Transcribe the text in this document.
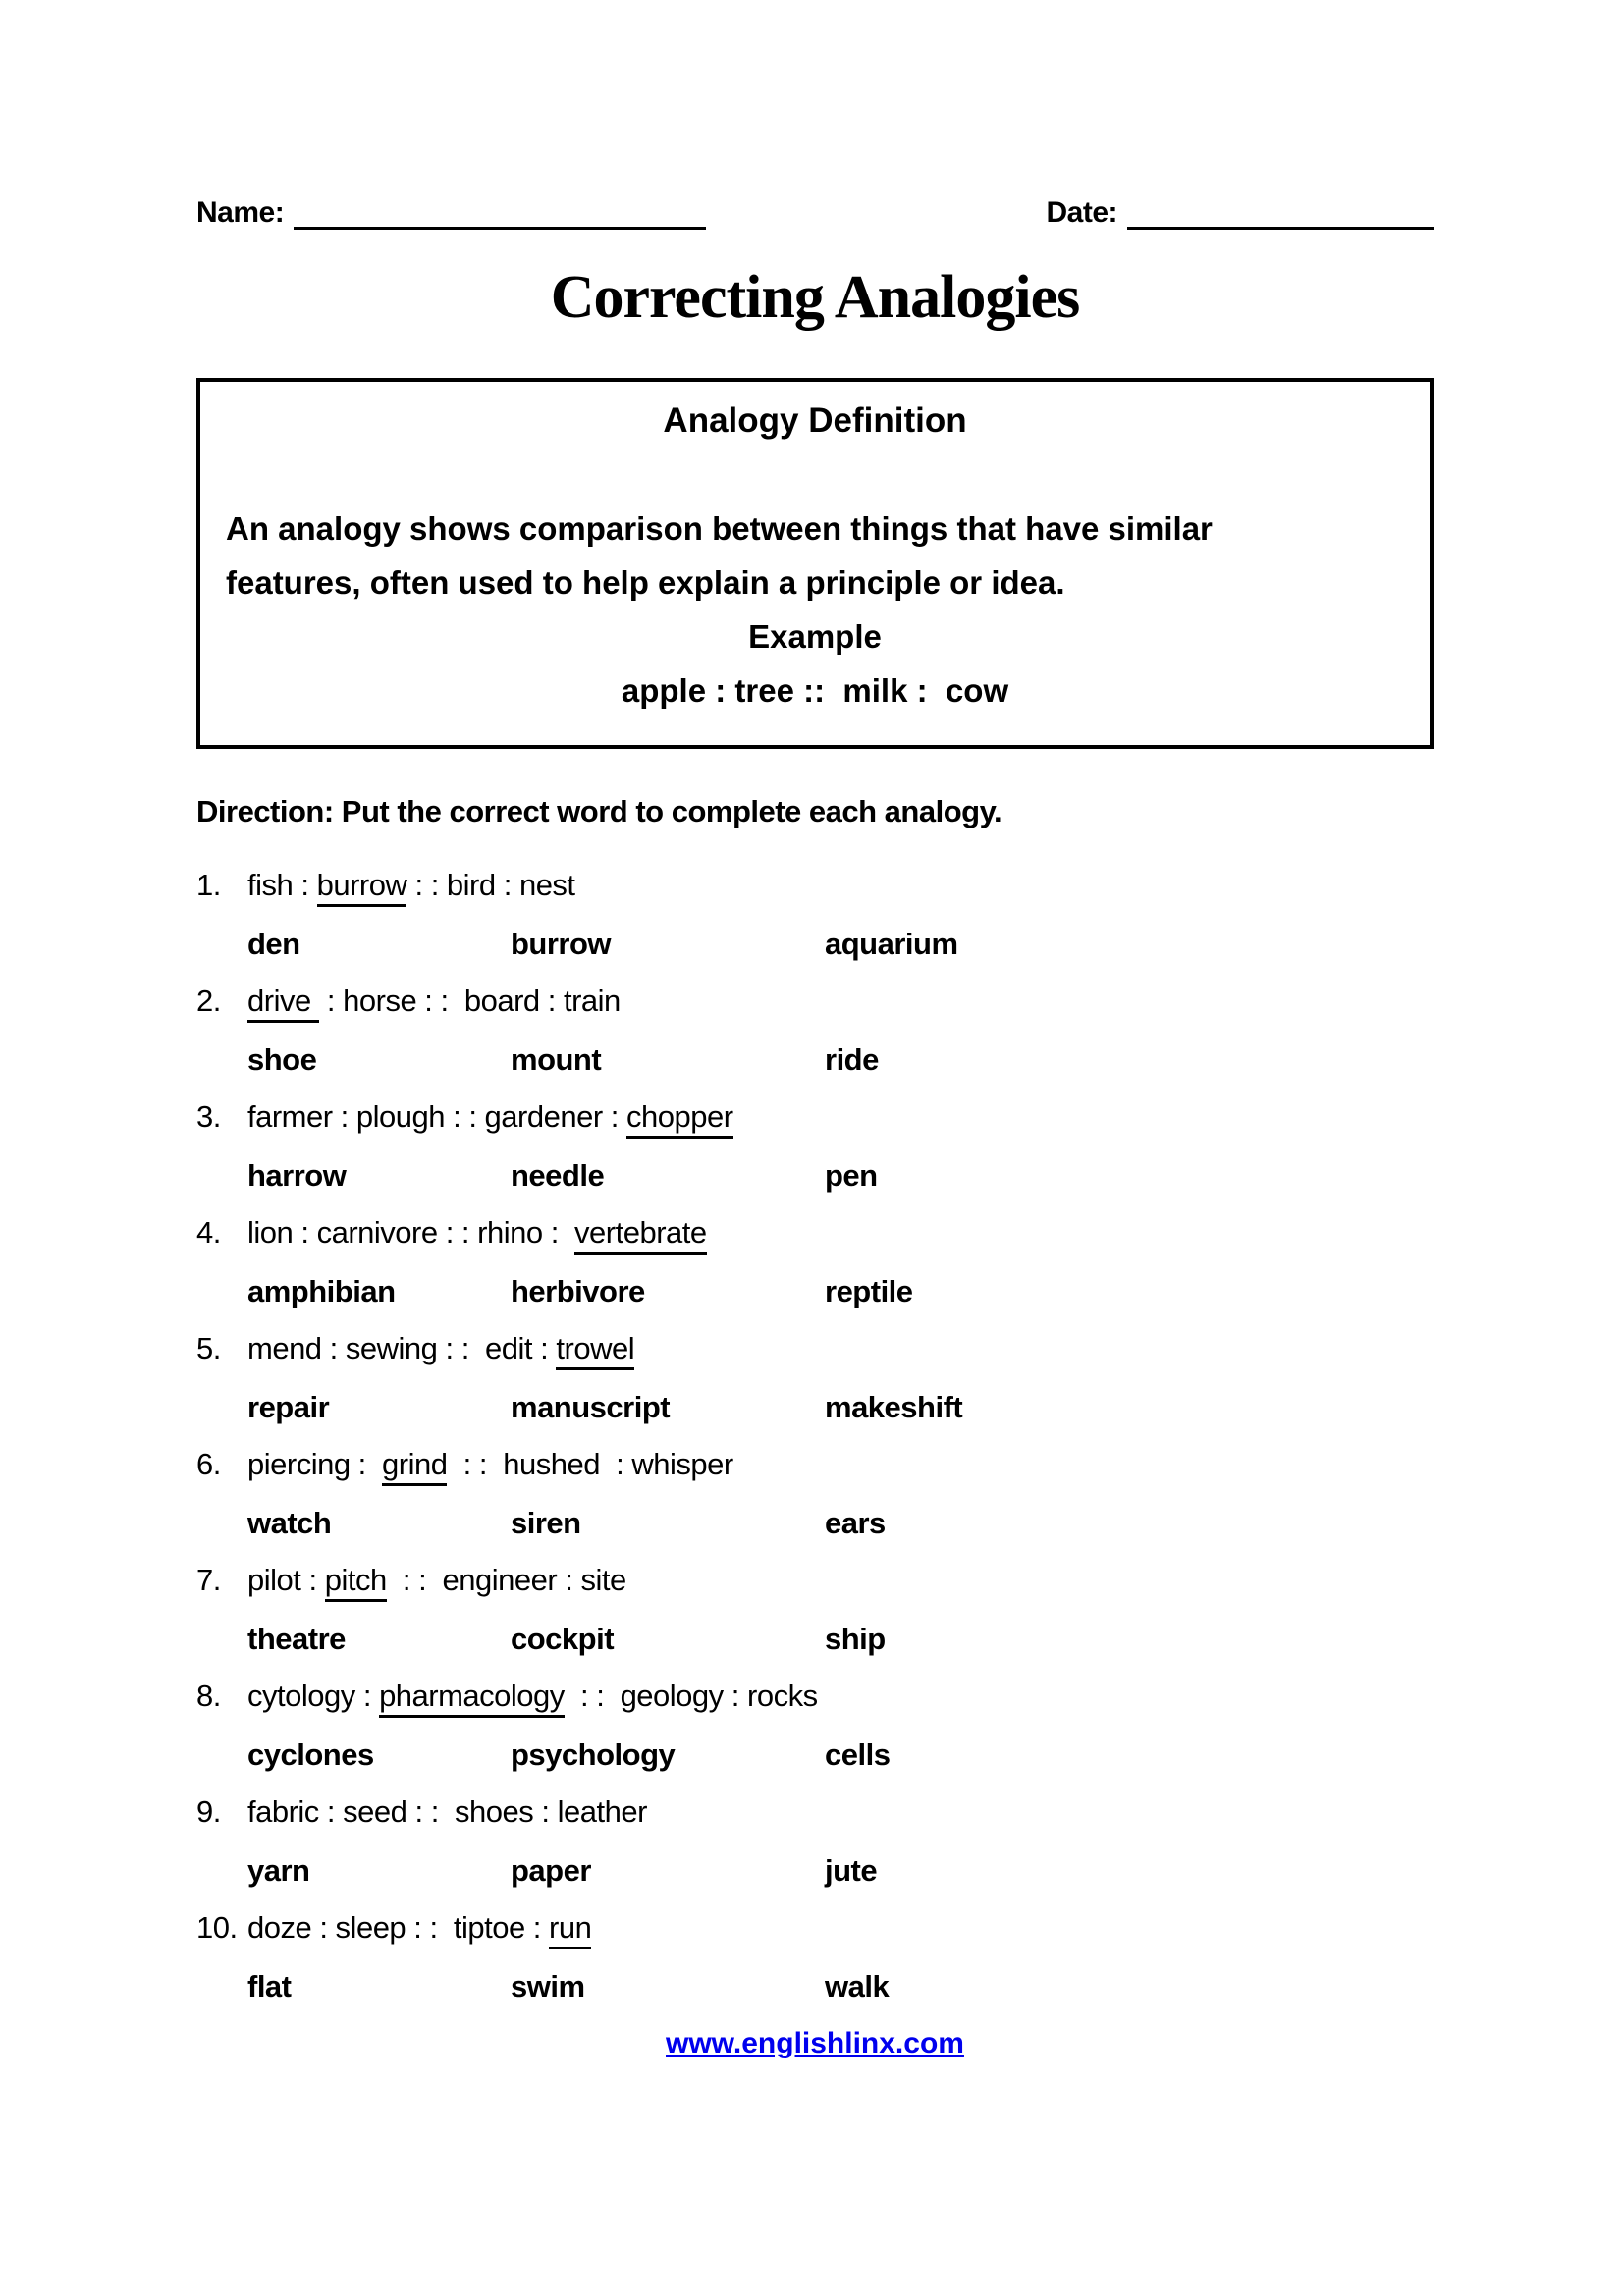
Name:	Date:
Correcting Analogies
Analogy Definition

An analogy shows comparison between things that have similar features, often used to help explain a principle or idea.

Example

apple : tree ::  milk :  cow

Direction: Put the correct word to complete each analogy.
1. fish : burrow : : bird : nest
den	burrow	aquarium
2. drive  : horse : :  board : train
shoe	mount	ride
3. farmer : plough : : gardener : chopper
harrow	needle	pen
4. lion : carnivore : : rhino :  vertebrate
amphibian	herbivore	reptile
5. mend : sewing : :  edit : trowel
repair	manuscript	makeshift
6. piercing :  grind  : :  hushed  : whisper
watch	siren	ears
7. pilot : pitch  : :  engineer : site
theatre	cockpit	ship
8. cytology : pharmacology  : :  geology : rocks
cyclones	psychology	cells
9. fabric : seed : :  shoes : leather
yarn	paper	jute
10. doze : sleep : :  tiptoe : run
flat	swim	walk
www.englishlinx.com
